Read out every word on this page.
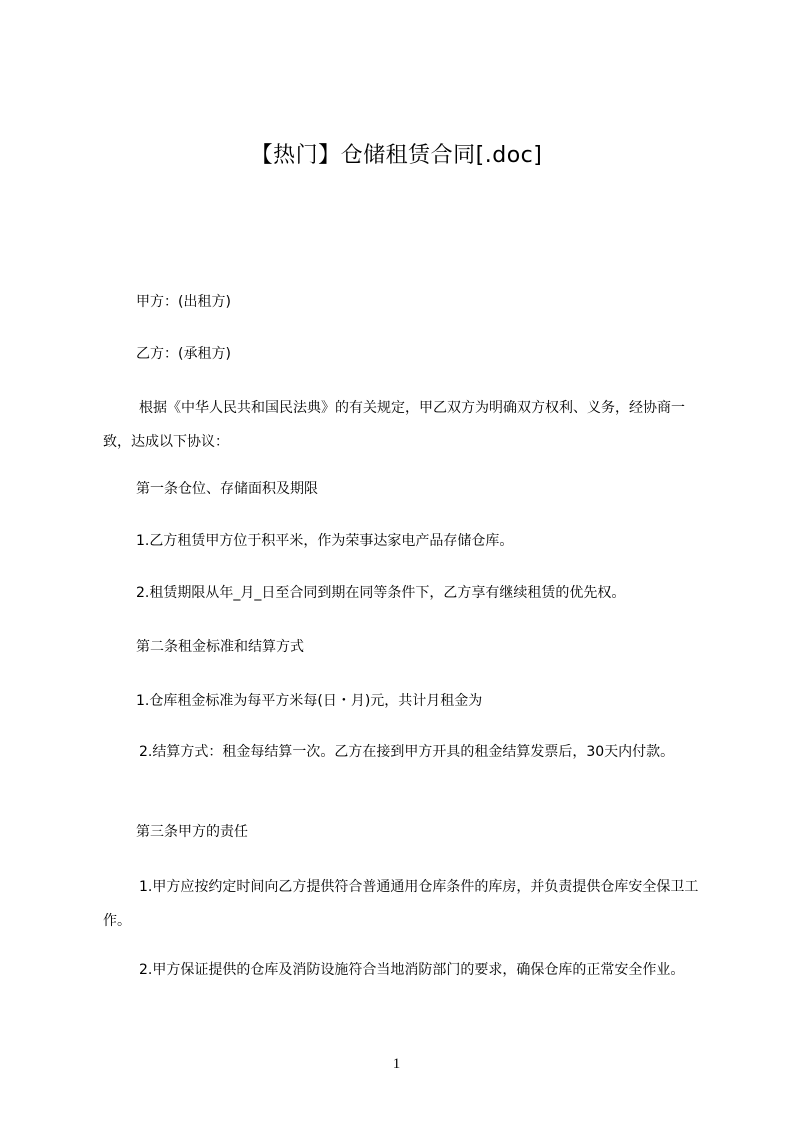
【热门】仓储租赁合同[.doc]
甲方：(出租方)
乙方：(承租方)
根据《中华人民共和国民法典》的有关规定，甲乙双方为明确双方权利、义务，经协商一致，达成以下协议：
第一条仓位、存储面积及期限
1.乙方租赁甲方位于积平米，作为荣事达家电产品存储仓库。
2.租赁期限从年_月_日至合同到期在同等条件下，乙方享有继续租赁的优先权。
第二条租金标准和结算方式
1.仓库租金标准为每平方米每(日・月)元，共计月租金为
2.结算方式：租金每结算一次。乙方在接到甲方开具的租金结算发票后，30天内付款。
第三条甲方的责任
1.甲方应按约定时间向乙方提供符合普通通用仓库条件的库房，并负责提供仓库安全保卫工作。
2.甲方保证提供的仓库及消防设施符合当地消防部门的要求，确保仓库的正常安全作业。
1
